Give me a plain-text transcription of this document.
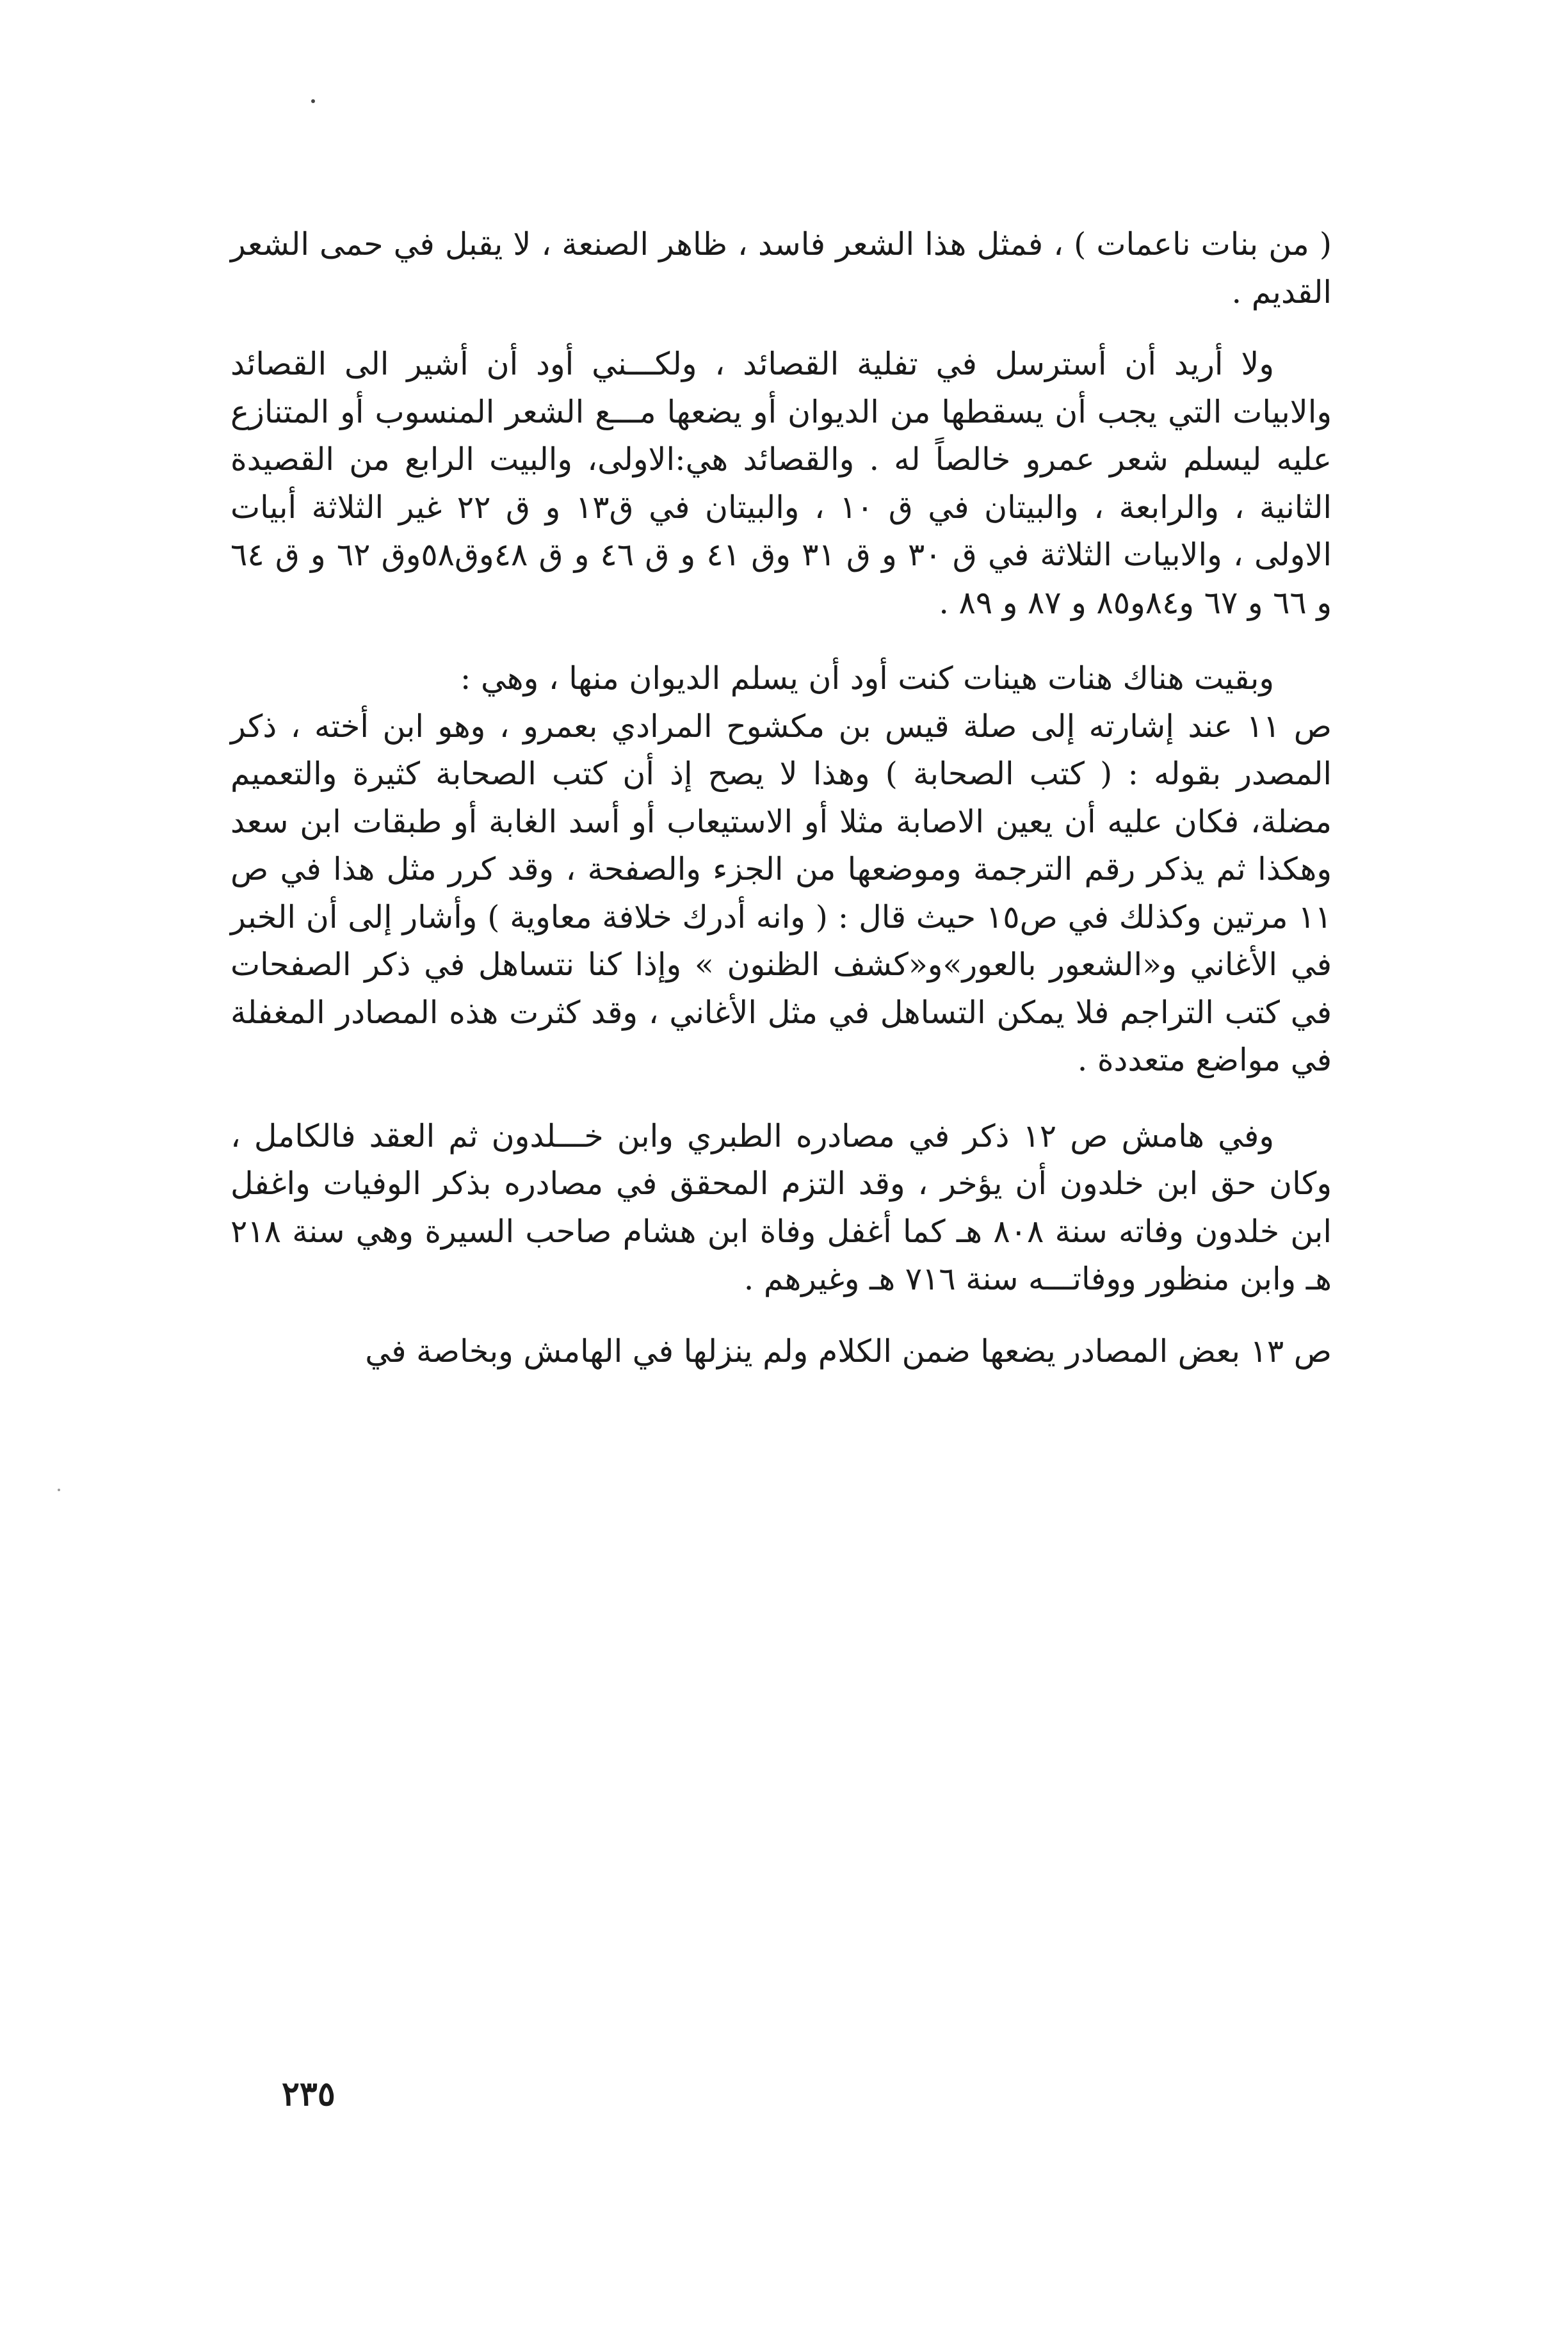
( من بنات ناعمات ) ، فمثل هذا الشعر فاسد ، ظاهر الصنعة ، لا يقبل في حمى الشعر القديم .

ولا أريد أن أسترسل في تفلية القصائد ، ولكـــني أود أن أشير الى القصائد والابيات التي يجب أن يسقطها من الديوان أو يضعها مـــع الشعر المنسوب أو المتنازع عليه ليسلم شعر عمرو خالصاً له . والقصائد هي:الاولى، والبيت الرابع من القصيدة الثانية ، والرابعة ، والبيتان في ق ١٠ ، والبيتان في ق١٣ و ق ٢٢ غير الثلاثة أبيات الاولى ، والابيات الثلاثة في ق ٣٠ و ق ٣١ وق ٤١ و ق ٤٦ و ق ٤٨وق٥٨وق ٦٢ و ق ٦٤ و ٦٦ و ٦٧ و٨٤و٨٥ و ٨٧ و ٨٩ .

وبقيت هناك هنات هينات كنت أود أن يسلم الديوان منها ، وهي :

ص ١١ عند إشارته إلى صلة قيس بن مكشوح المرادي بعمرو ، وهو ابن أخته ، ذكر المصدر بقوله : ( كتب الصحابة ) وهذا لا يصح إذ أن كتب الصحابة كثيرة والتعميم مضلة، فكان عليه أن يعين الاصابة مثلا أو الاستيعاب أو أسد الغابة أو طبقات ابن سعد وهكذا ثم يذكر رقم الترجمة وموضعها من الجزء والصفحة ، وقد كرر مثل هذا في ص ١١ مرتين وكذلك في ص١٥ حيث قال : ( وانه أدرك خلافة معاوية ) وأشار إلى أن الخبر في الأغاني و«الشعور بالعور»و«كشف الظنون » وإذا كنا نتساهل في ذكر الصفحات في كتب التراجم فلا يمكن التساهل في مثل الأغاني ، وقد كثرت هذه المصادر المغفلة في مواضع متعددة .

وفي هامش ص ١٢ ذكر في مصادره الطبري وابن خـــلدون ثم العقد فالكامل ، وكان حق ابن خلدون أن يؤخر ، وقد التزم المحقق في مصادره بذكر الوفيات واغفل ابن خلدون وفاته سنة ٨٠٨ هـ كما أغفل وفاة ابن هشام صاحب السيرة وهي سنة ٢١٨ هـ وابن منظور ووفاتـــه سنة ٧١٦ هـ وغيرهم .

ص ١٣ بعض المصادر يضعها ضمن الكلام ولم ينزلها في الهامش وبخاصة في

٢٣٥
